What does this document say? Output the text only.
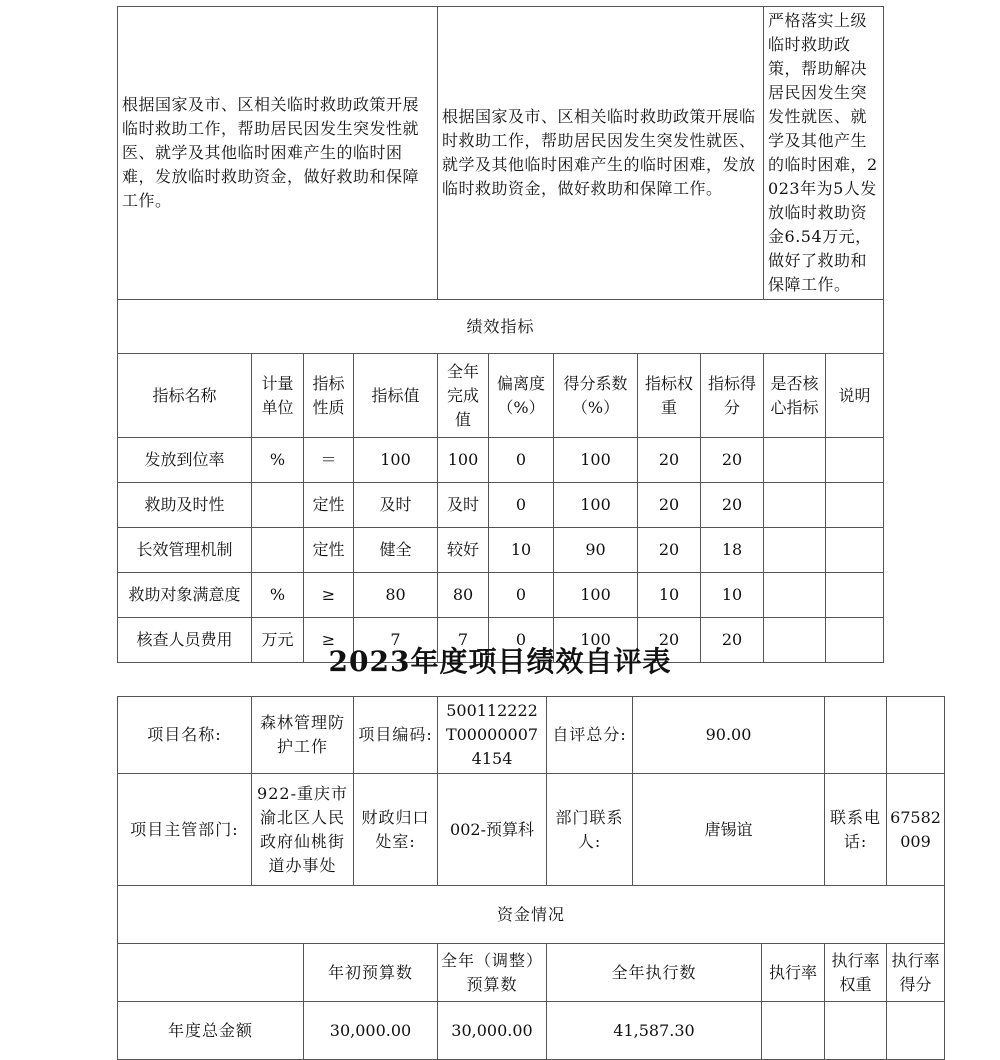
根据国家及市、区相关临时救助政策开展临时救助工作，帮助居民因发生突发性就医、就学及其他临时困难产生的临时困难，发放临时救助资金，做好救助和保障工作。				根据国家及市、区相关临时救助政策开展临时救助工作，帮助居民因发生突发性就医、就学及其他临时困难产生的临时困难，发放临时救助资金，做好救助和保障工作。					严格落实上级临时救助政策，帮助解决居民因发生突发性就医、就学及其他产生的临时困难，2023年为5人发放临时救助资金6.54万元，做好了救助和保障工作。	
绩效指标										
指标名称	计量单位	指标性质	指标值	全年完成值	偏离度（%）	得分系数（%）	指标权重	指标得分	是否核心指标	说明
发放到位率	%	＝	100	100	0	100	20	20		
救助及时性		定性	及时	及时	0	100	20	20		
长效管理机制		定性	健全	较好	10	90	20	18		
救助对象满意度	%	≥	80	80	0	100	10	10		
核查人员费用	万元	≥	7	7	0	100	20	20		
2023年度项目绩效自评表
项目名称:	森林管理防护工作		项目编码:	500112222T000000074154	自评总分:	90.00			
项目主管部门:	922-重庆市渝北区人民政府仙桃街道办事处		财政归口处室:	002-预算科	部门联系人:	唐锡谊		联系电话:	67582009
资金情况									
		年初预算数		全年（调整）预算数	全年执行数		执行率	执行率权重	执行率得分
年度总金额		30,000.00		30,000.00	41,587.30				
